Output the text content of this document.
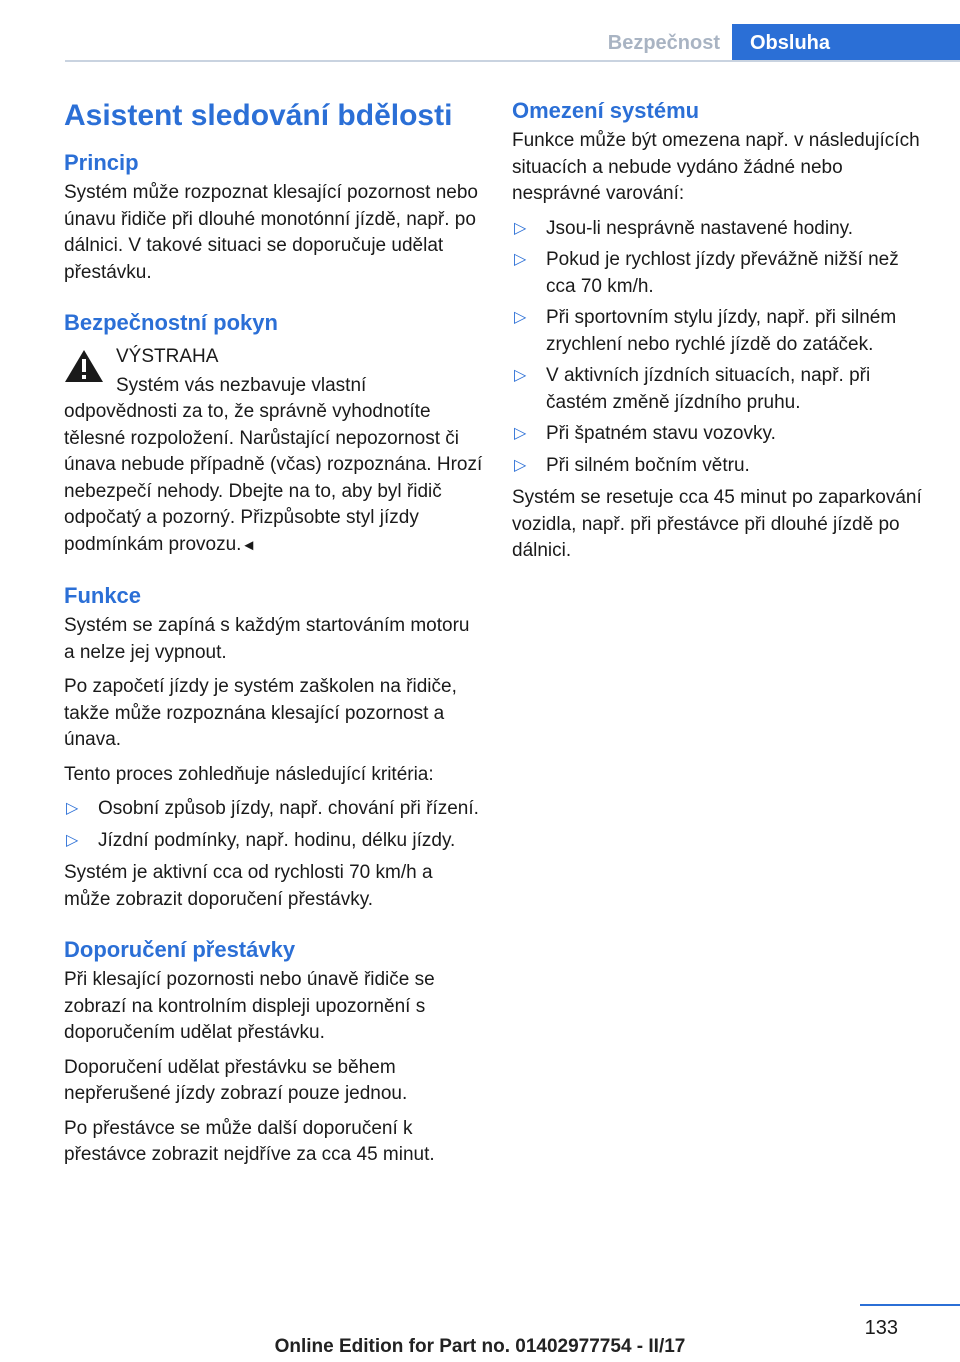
Bezpečnost	Obsluha
Asistent sledování bdělosti
Princip

Systém může rozpoznat klesající pozornost nebo únavu řidiče při dlouhé monotónní jízdě, např. po dálnici. V takové situaci se doporučuje udělat přestávku.

Bezpečnostní pokyn
VÝSTRAHA

Systém vás nezbavuje vlastní odpovědnosti za to, že správně vyhodnotíte tělesné rozpoložení. Narůstající nepozornost či únava nebude případně (včas) rozpoznána. Hrozí nebezpečí nehody. Dbejte na to, aby byl řidič odpočatý a pozorný. Přizpůsobte styl jízdy podmínkám provozu.◄

Funkce

Systém se zapíná s každým startováním motoru a nelze jej vypnout.

Po započetí jízdy je systém zaškolen na řidiče, takže může rozpoznána klesající pozornost a únava.

Tento proces zohledňuje následující kritéria:

▷ Osobní způsob jízdy, např. chování při řízení.
▷ Jízdní podmínky, např. hodinu, délku jízdy.

Systém je aktivní cca od rychlosti 70 km/h a může zobrazit doporučení přestávky.

Doporučení přestávky

Při klesající pozornosti nebo únavě řidiče se zobrazí na kontrolním displeji upozornění s doporučením udělat přestávku.

Doporučení udělat přestávku se během nepřerušené jízdy zobrazí pouze jednou.

Po přestávce se může další doporučení k přestávce zobrazit nejdříve za cca 45 minut.

Omezení systému

Funkce může být omezena např. v následujících situacích a nebude vydáno žádné nebo nesprávné varování:

▷ Jsou-li nesprávně nastavené hodiny.
▷ Pokud je rychlost jízdy převážně nižší než cca 70 km/h.
▷ Při sportovním stylu jízdy, např. při silném zrychlení nebo rychlé jízdě do zatáček.
▷ V aktivních jízdních situacích, např. při častém změně jízdního pruhu.
▷ Při špatném stavu vozovky.
▷ Při silném bočním větru.

Systém se resetuje cca 45 minut po zaparkování vozidla, např. při přestávce při dlouhé jízdě po dálnici.

133
Online Edition for Part no. 01402977754 - II/17
